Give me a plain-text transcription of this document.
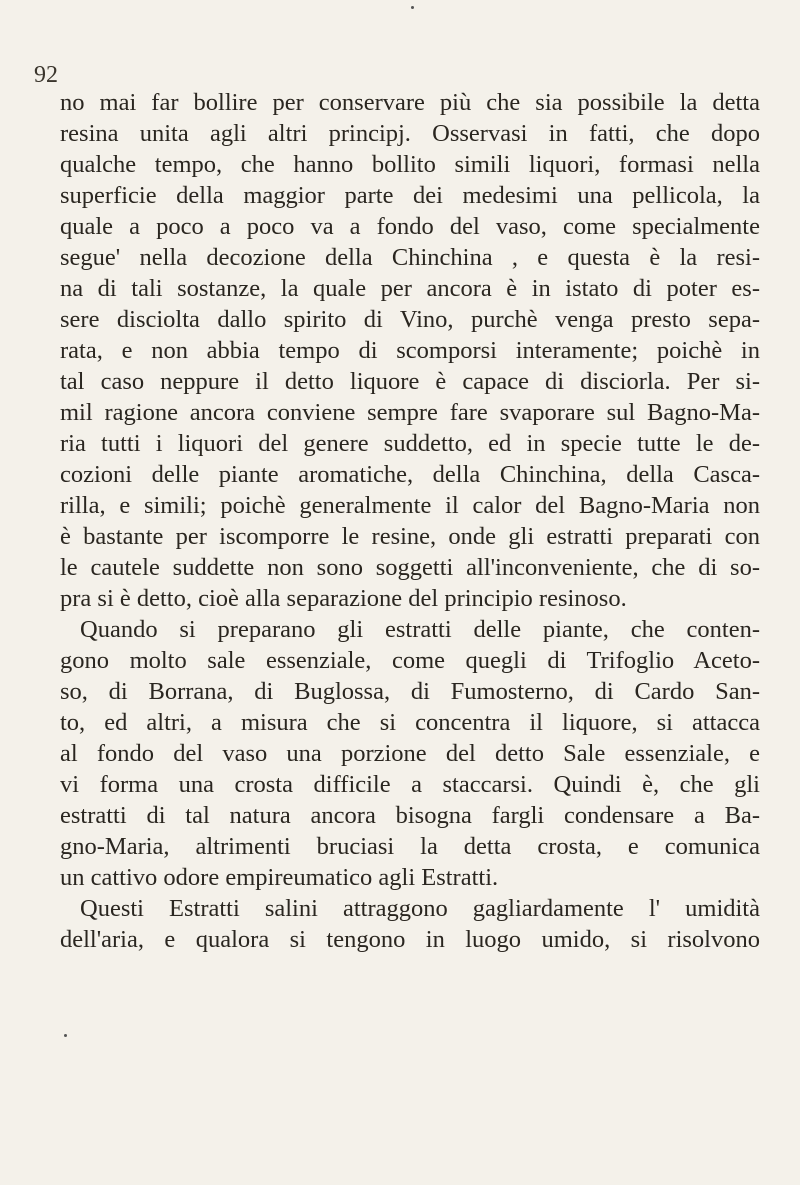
92
no mai far bollire per conservare più che sia possibile la detta
resina unita agli altri principj. Osservasi in fatti, che dopo
qualche tempo, che hanno bollito simili liquori, formasi nella
superficie della maggior parte dei medesimi una pellicola, la
quale a poco a poco va a fondo del vaso, come specialmente
segue' nella decozione della Chinchina , e questa è la resi-
na di tali sostanze, la quale per ancora è in istato di poter es-
sere disciolta dallo spirito di Vino, purchè venga presto sepa-
rata, e non abbia tempo di scomporsi interamente; poichè in
tal caso neppure il detto liquore è capace di disciorla. Per si-
mil ragione ancora conviene sempre fare svaporare sul Bagno-Ma-
ria tutti i liquori del genere suddetto, ed in specie tutte le de-
cozioni delle piante aromatiche, della Chinchina, della Casca-
rilla, e simili; poichè generalmente il calor del Bagno-Maria non
è bastante per iscomporre le resine, onde gli estratti preparati con
le cautele suddette non sono soggetti all'inconveniente, che di so-
pra si è detto, cioè alla separazione del principio resinoso.
Quando si preparano gli estratti delle piante, che conten-
gono molto sale essenziale, come quegli di Trifoglio Aceto-
so, di Borrana, di Buglossa, di Fumosterno, di Cardo San-
to, ed altri, a misura che si concentra il liquore, si attacca
al fondo del vaso una porzione del detto Sale essenziale, e
vi forma una crosta difficile a staccarsi. Quindi è, che gli
estratti di tal natura ancora bisogna fargli condensare a Ba-
gno-Maria, altrimenti bruciasi la detta crosta, e comunica
un cattivo odore empireumatico agli Estratti.
Questi Estratti salini attraggono gagliardamente l' umidità
dell'aria, e qualora si tengono in luogo umido, si risolvono
